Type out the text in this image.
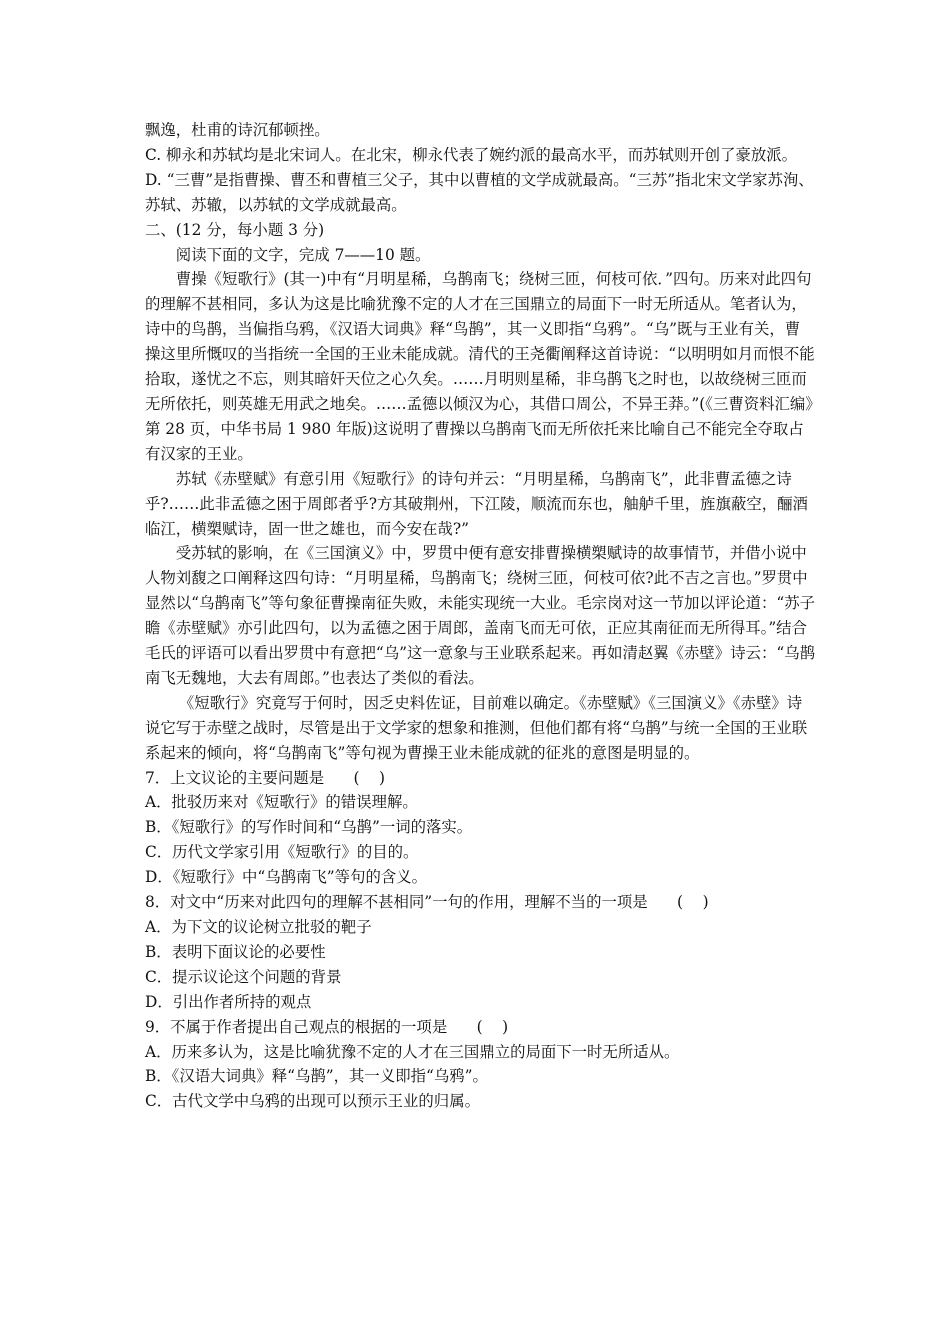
飘逸，杜甫的诗沉郁顿挫。

C. 柳永和苏轼均是北宋词人。在北宋，柳永代表了婉约派的最高水平，而苏轼则开创了豪放派。

D. “三曹”是指曹操、曹丕和曹植三父子，其中以曹植的文学成就最高。“三苏”指北宋文学家苏洵、苏轼、苏辙，以苏轼的文学成就最高。

二、(12 分，每小题 3 分)

阅读下面的文字，完成 7——10 题。

曹操《短歌行》(其一)中有“月明星稀，乌鹊南飞；绕树三匝，何枝可依．”四句。历来对此四句的理解不甚相同，多认为这是比喻犹豫不定的人才在三国鼎立的局面下一时无所适从。笔者认为，诗中的鸟鹊，当偏指乌鸦，《汉语大词典》释“鸟鹊”，其一义即指“乌鸦”。“乌”既与王业有关，曹操这里所慨叹的当指统一全国的王业未能成就。清代的王尧衢阐释这首诗说：“以明明如月而恨不能拾取，遂忧之不忘，则其暗奸天位之心久矣。……月明则星稀，非乌鹊飞之时也，以故绕树三匝而无所依托，则英雄无用武之地矣。……孟德以倾汉为心，其借口周公，不异王莽。”(《三曹资料汇编》第 28 页，中华书局 1 980 年版)这说明了曹操以乌鹊南飞而无所依托来比喻自己不能完全夺取占有汉家的王业。

苏轼《赤壁赋》有意引用《短歌行》的诗句并云：“月明星稀，乌鹊南飞”，此非曹孟德之诗乎?……此非孟德之困于周郎者乎?方其破荆州，下江陵，顺流而东也，舳舻千里，旌旗蔽空，酾酒临江，横槊赋诗，固一世之雄也，而今安在哉?”

受苏轼的影响，在《三国演义》中，罗贯中便有意安排曹操横槊赋诗的故事情节，并借小说中人物刘馥之口阐释这四句诗：“月明星稀，鸟鹊南飞；绕树三匝，何枝可依?此不吉之言也。”罗贯中显然以“乌鹊南飞”等句象征曹操南征失败，未能实现统一大业。毛宗岗对这一节加以评论道：“苏子瞻《赤壁赋》亦引此四句，以为孟德之困于周郎，盖南飞而无可依，正应其南征而无所得耳。”结合毛氏的评语可以看出罗贯中有意把“乌”这一意象与王业联系起来。再如清赵翼《赤壁》诗云：“乌鹊南飞无魏地，大去有周郎。”也表达了类似的看法。

《短歌行》究竟写于何时，因乏史料佐证，目前难以确定。《赤壁赋》《三国演义》《赤壁》诗说它写于赤壁之战时，尽管是出于文学家的想象和推测，但他们都有将“乌鹊”与统一全国的王业联系起来的倾向，将“乌鹊南飞”等句视为曹操王业未能成就的征兆的意图是明显的。

7．上文议论的主要问题是      (    )

A．批驳历来对《短歌行》的错误理解。

B．《短歌行》的写作时间和“乌鹊”一词的落实。

C．历代文学家引用《短歌行》的目的。

D．《短歌行》中“乌鹊南飞”等句的含义。

8．对文中“历来对此四句的理解不甚相同”一句的作用，理解不当的一项是      (    )

A．为下文的议论树立批驳的靶子

B．表明下面议论的必要性

C．提示议论这个问题的背景

D．引出作者所持的观点

9．不属于作者提出自己观点的根据的一项是      (    )

A．历来多认为，这是比喻犹豫不定的人才在三国鼎立的局面下一时无所适从。

B．《汉语大词典》释“乌鹊”，其一义即指“乌鸦”。

C．古代文学中乌鸦的出现可以预示王业的归属。
